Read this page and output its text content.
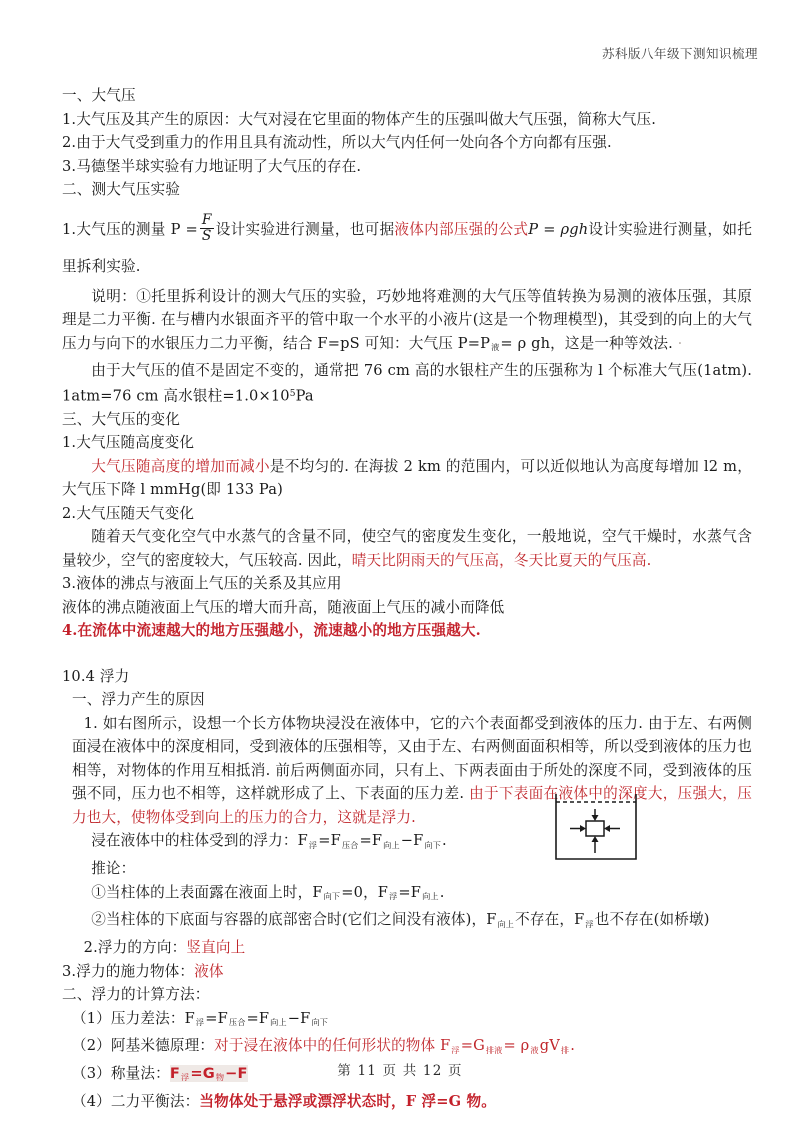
苏科版八年级下测知识梳理

一、大气压

1.大气压及其产生的原因：大气对浸在它里面的物体产生的压强叫做大气压强，简称大气压.

2.由于大气受到重力的作用且具有流动性，所以大气内任何一处向各个方向都有压强.

3.马德堡半球实验有力地证明了大气压的存在.

二、测大气压实验

1.大气压的测量 $P = \frac{F}{S}$ 设计实验进行测量，也可据液体内部压强的公式P = ρgh设计实验进行测量，如托里拆利实验.

说明：①托里拆利设计的测大气压的实验，巧妙地将难测的大气压等值转换为易测的液体压强，其原理是二力平衡. 在与槽内水银面齐平的管中取一个水平的小液片(这是一个物理模型)，其受到的向上的大气压力与向下的水银压力二力平衡，结合 F=pS 可知：大气压 $P=P_液= \rho$ gh，这是一种等效法. ·

由于大气压的值不是固定不变的，通常把 76 cm 高的水银柱产生的压强称为 l 个标准大气压(1atm). 1atm=76 cm 高水银柱$=1.0\times 10^5Pa$

三、大气压的变化

1.大气压随高度变化

大气压随高度的增加而减小是不均匀的. 在海拔 2 km 的范围内，可以近似地认为高度每增加 l2 m，大气压下降 l mmHg(即 133 Pa)

2.大气压随天气变化

随着天气变化空气中水蒸气的含量不同，使空气的密度发生变化，一般地说，空气干燥时，水蒸气含量较少，空气的密度较大，气压较高. 因此，晴天比阴雨天的气压高，冬天比夏天的气压高.

3.液体的沸点与液面上气压的关系及其应用

液体的沸点随液面上气压的增大而升高，随液面上气压的减小而降低

4.在流体中流速越大的地方压强越小，流速越小的地方压强越大.

10.4 浮力

一、浮力产生的原因

1. 如右图所示，设想一个长方体物块浸没在液体中，它的六个表面都受到液体的压力. 由于左、右两侧面浸在液体中的深度相同，受到液体的压强相等，又由于左、右两侧面面积相等，所以受到液体的压力也相等，对物体的作用互相抵消. 前后两侧面亦同，只有上、下两表面由于所处的深度不同，受到液体的压强不同，压力也不相等，这样就形成了上、下表面的压力差. 由于下表面在液体中的深度大，压强大，压力也大，使物体受到向上的压力的合力，这就是浮力.

浸在液体中的柱体受到的浮力：$F_浮=F_{压合}=F_{向上}-F_{向下}$.

推论：

①当柱体的上表面露在液面上时，$F_{向下}=0$，$F_浮=F_{向上}$.

②当柱体的下底面与容器的底部密合时(它们之间没有液体)，$F_{向上}$不存在，$F_浮$也不存在(如桥墩)

2.浮力的方向：竖直向上

3.浮力的施力物体：液体

二、浮力的计算方法：

（1）压力差法：$F_浮=F_{压合}=F_{向上}-F_{向下}$

（2）阿基米德原理：对于浸在液体中的任何形状的物体 $F_浮=G_{排液}= \rho_液gV_排$.

（3）称量法：$F_浮=G_物-F$

（4）二力平衡法：当物体处于悬浮或漂浮状态时，F 浮=G 物。

第 11 页 共 12 页
